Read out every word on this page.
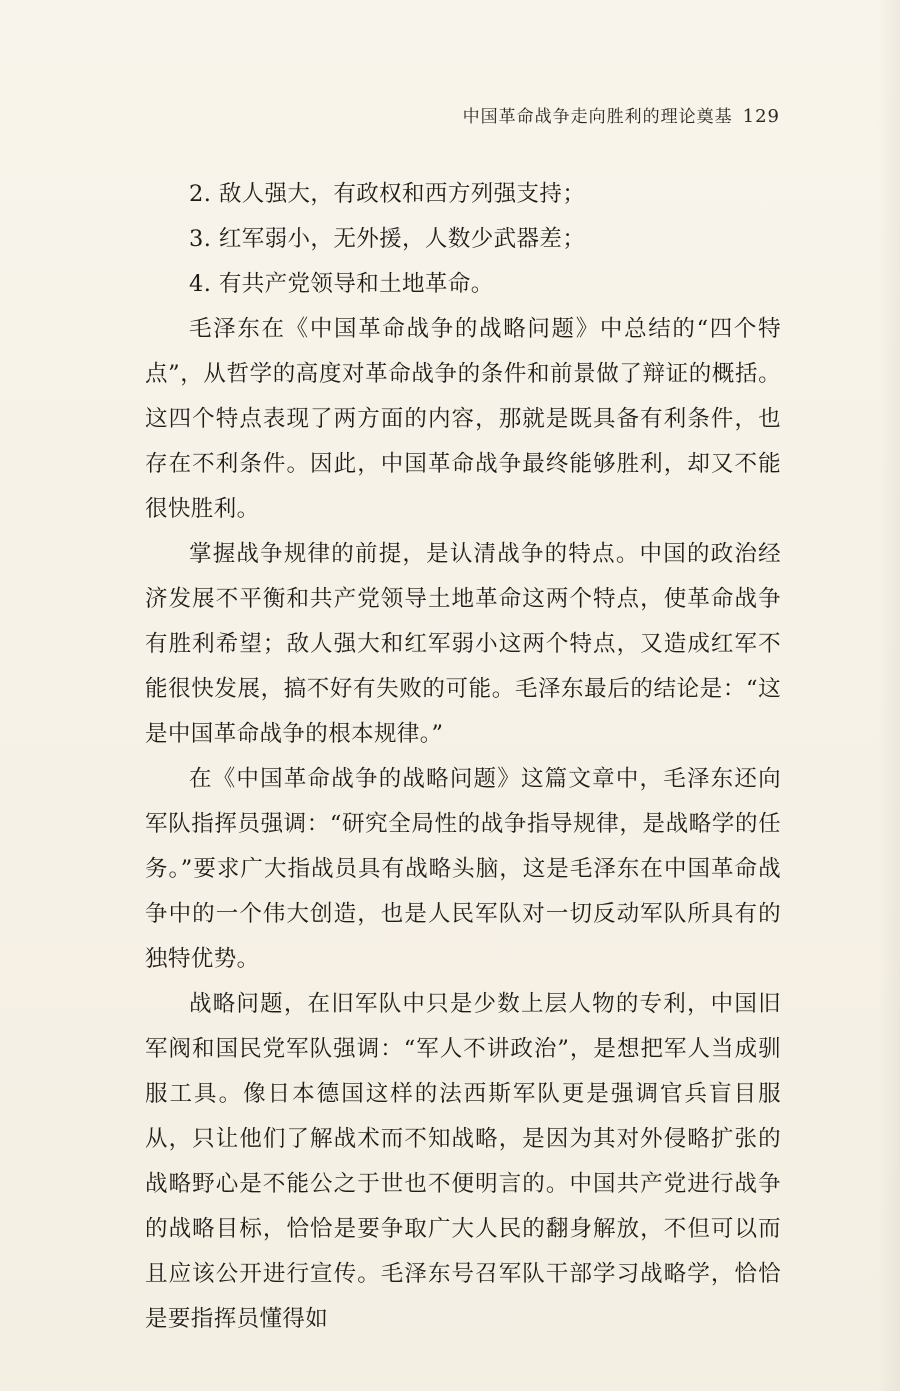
中国革命战争走向胜利的理论奠基 129

2. 敌人强大，有政权和西方列强支持；

3. 红军弱小，无外援，人数少武器差；

4. 有共产党领导和土地革命。

毛泽东在《中国革命战争的战略问题》中总结的“四个特点”，从哲学的高度对革命战争的条件和前景做了辩证的概括。这四个特点表现了两方面的内容，那就是既具备有利条件，也存在不利条件。因此，中国革命战争最终能够胜利，却又不能很快胜利。

掌握战争规律的前提，是认清战争的特点。中国的政治经济发展不平衡和共产党领导土地革命这两个特点，使革命战争有胜利希望；敌人强大和红军弱小这两个特点，又造成红军不能很快发展，搞不好有失败的可能。毛泽东最后的结论是：“这是中国革命战争的根本规律。”

在《中国革命战争的战略问题》这篇文章中，毛泽东还向军队指挥员强调：“研究全局性的战争指导规律，是战略学的任务。”要求广大指战员具有战略头脑，这是毛泽东在中国革命战争中的一个伟大创造，也是人民军队对一切反动军队所具有的独特优势。

战略问题，在旧军队中只是少数上层人物的专利，中国旧军阀和国民党军队强调：“军人不讲政治”，是想把军人当成驯服工具。像日本德国这样的法西斯军队更是强调官兵盲目服从，只让他们了解战术而不知战略，是因为其对外侵略扩张的战略野心是不能公之于世也不便明言的。中国共产党进行战争的战略目标，恰恰是要争取广大人民的翻身解放，不但可以而且应该公开进行宣传。毛泽东号召军队干部学习战略学，恰恰是要指挥员懂得如
